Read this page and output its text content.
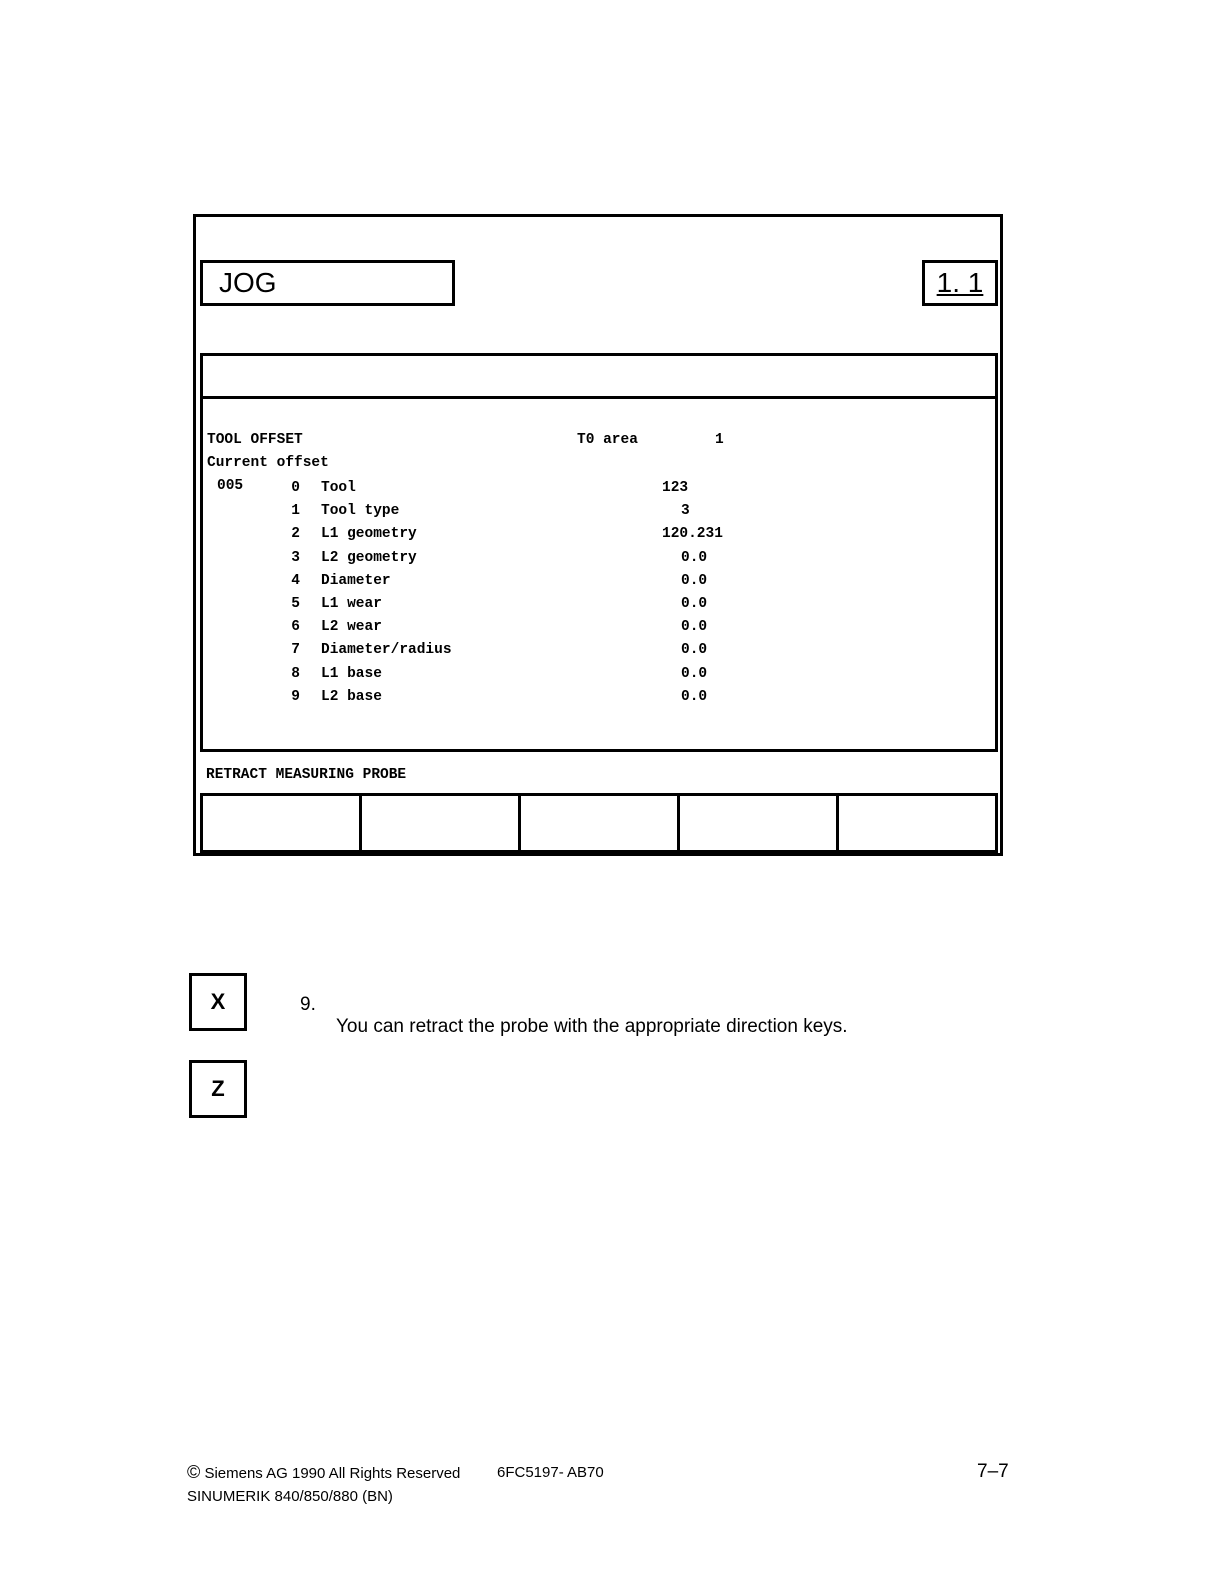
JOG	1. 1
TOOL OFFSET	T0 area	1
Current offset
005	0 Tool	123
1 Tool type	3
2 L1 geometry	120.231
3 L2 geometry	0.0
4 Diameter	0.0
5 L1 wear	0.0
6 L2 wear	0.0
7 Diameter/radius	0.0
8 L1 base	0.0
9 L2 base	0.0
RETRACT MEASURING PROBE
X
Z

9.

You can retract the probe with the appropriate direction keys.

© Siemens AG 1990 All Rights Reserved 6FC5197- AB70
SINUMERIK 840/850/880 (BN)
7–7
